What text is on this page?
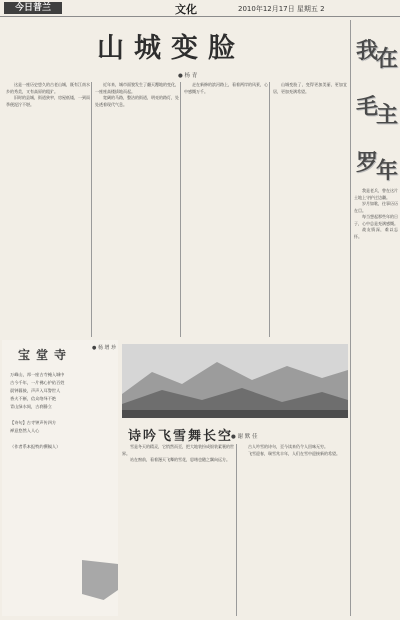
今日普兰	文化	2010年12月17日 星期五 2
山城变脸
● 杨 青

这是一座历史悠久的古老山城，既有江南水乡的秀美，又有高原的粗犷。

旧时的县城，街道狭窄，房屋低矮，一到雨季便泥泞不堪。

近年来，城市面貌发生了翻天覆地的变化，一座座高楼拔地而起。

宽阔的马路，整洁的街道，明亮的路灯，处处透着现代气息。

走在新修的滨河路上，看着两岸的风景，心中感慨万千。

山城变脸了，变得更加美丽，更加宜居，更加充满希望。

我
在
毛
主
罗
年

我是老兵，曾在这片土地上守护过边疆。

岁月如歌，往事历历在目。

每当想起那些年的日子，心中总是充满感慨。

战友情深，难以忘怀。

诗吟飞雪舞长空
● 谢 默 佳

雪是冬天的精灵，它悄然而至，把大地装扮成银装素裹的世界。

站在窗前，看着漫天飞舞的雪花，思绪也随之飘向远方。

古人吟雪的诗句，至今读来仍令人回味无穷。

飞雪迎春，瑞雪兆丰年，人们在雪中迎接新的希望。

宝堂寺	● 杨 增 珍
万峰山，邦一座古寺掩入城中
古今千年，一片佛心护佑百姓
晨钟暮鼓，声声入耳警世人
香火不断，信众络绎不绝
青山绿水间，古刹静立
【诗句】古寺钟声传四方
禅意悠然入人心
（作者系本报特约撰稿人）
